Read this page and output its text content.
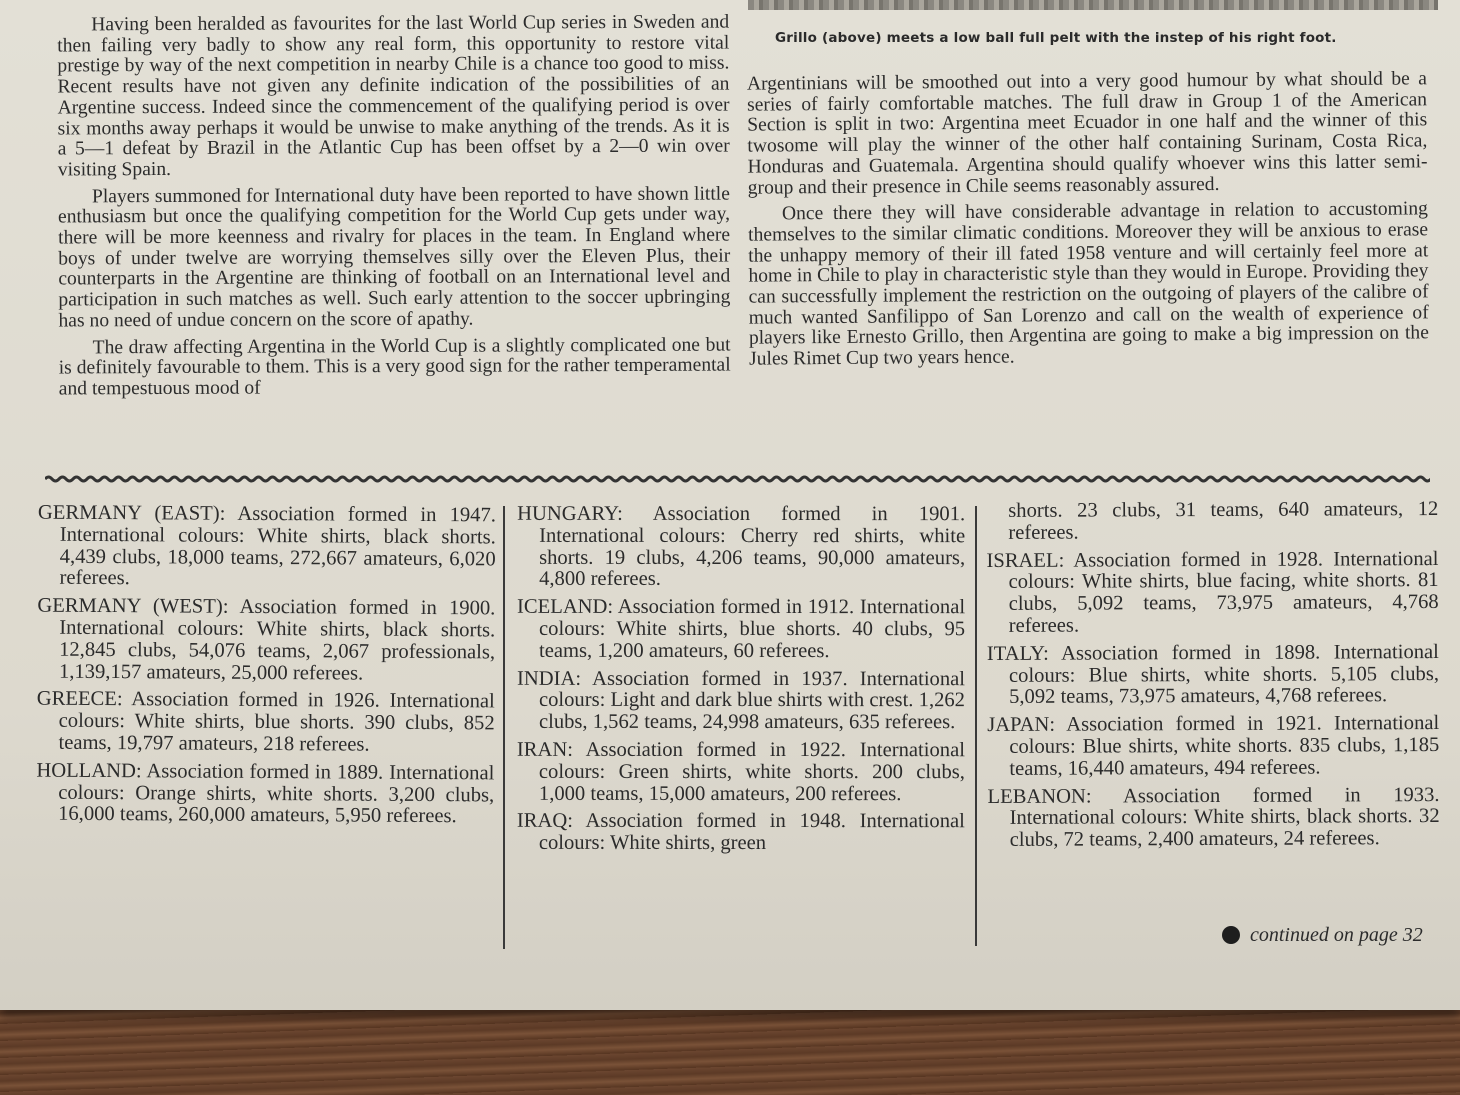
Grillo (above) meets a low ball full pelt with the instep of his right foot.

Having been heralded as favourites for the last World Cup series in Sweden and then failing very badly to show any real form, this opportunity to restore vital prestige by way of the next competition in nearby Chile is a chance too good to miss. Recent results have not given any definite indication of the possibilities of an Argentine success. Indeed since the commencement of the qualifying period is over six months away perhaps it would be unwise to make anything of the trends. As it is a 5—1 defeat by Brazil in the Atlantic Cup has been offset by a 2—0 win over visiting Spain.

Players summoned for International duty have been reported to have shown little enthusiasm but once the qualifying competition for the World Cup gets under way, there will be more keenness and rivalry for places in the team. In England where boys of under twelve are worrying themselves silly over the Eleven Plus, their counterparts in the Argentine are thinking of football on an International level and participation in such matches as well. Such early attention to the soccer upbringing has no need of undue concern on the score of apathy.

The draw affecting Argentina in the World Cup is a slightly complicated one but is definitely favourable to them. This is a very good sign for the rather temperamental and tempestuous mood of

Argentinians will be smoothed out into a very good humour by what should be a series of fairly comfortable matches. The full draw in Group 1 of the American Section is split in two: Argentina meet Ecuador in one half and the winner of this twosome will play the winner of the other half containing Surinam, Costa Rica, Honduras and Guatemala. Argentina should qualify whoever wins this latter semi-group and their presence in Chile seems reasonably assured.

Once there they will have considerable advantage in relation to accustoming themselves to the similar climatic conditions. Moreover they will be anxious to erase the unhappy memory of their ill fated 1958 venture and will certainly feel more at home in Chile to play in characteristic style than they would in Europe. Providing they can successfully implement the restriction on the outgoing of players of the calibre of much wanted Sanfilippo of San Lorenzo and call on the wealth of experience of players like Ernesto Grillo, then Argentina are going to make a big impression on the Jules Rimet Cup two years hence.

GERMANY (EAST): Association formed in 1947. International colours: White shirts, black shorts. 4,439 clubs, 18,000 teams, 272,667 amateurs, 6,020 referees.
GERMANY (WEST): Association formed in 1900. International colours: White shirts, black shorts. 12,845 clubs, 54,076 teams, 2,067 professionals, 1,139,157 amateurs, 25,000 referees.
GREECE: Association formed in 1926. International colours: White shirts, blue shorts. 390 clubs, 852 teams, 19,797 amateurs, 218 referees.
HOLLAND: Association formed in 1889. International colours: Orange shirts, white shorts. 3,200 clubs, 16,000 teams, 260,000 amateurs, 5,950 referees.
HUNGARY: Association formed in 1901. International colours: Cherry red shirts, white shorts. 19 clubs, 4,206 teams, 90,000 amateurs, 4,800 referees.
ICELAND: Association formed in 1912. International colours: White shirts, blue shorts. 40 clubs, 95 teams, 1,200 amateurs, 60 referees.
INDIA: Association formed in 1937. International colours: Light and dark blue shirts with crest. 1,262 clubs, 1,562 teams, 24,998 amateurs, 635 referees.
IRAN: Association formed in 1922. International colours: Green shirts, white shorts. 200 clubs, 1,000 teams, 15,000 amateurs, 200 referees.
IRAQ: Association formed in 1948. International colours: White shirts, green
shorts. 23 clubs, 31 teams, 640 amateurs, 12 referees.
ISRAEL: Association formed in 1928. International colours: White shirts, blue facing, white shorts. 81 clubs, 5,092 teams, 73,975 amateurs, 4,768 referees.
ITALY: Association formed in 1898. International colours: Blue shirts, white shorts. 5,105 clubs, 5,092 teams, 73,975 amateurs, 4,768 referees.
JAPAN: Association formed in 1921. International colours: Blue shirts, white shorts. 835 clubs, 1,185 teams, 16,440 amateurs, 494 referees.
LEBANON: Association formed in 1933. International colours: White shirts, black shorts. 32 clubs, 72 teams, 2,400 amateurs, 24 referees.
continued on page 32
